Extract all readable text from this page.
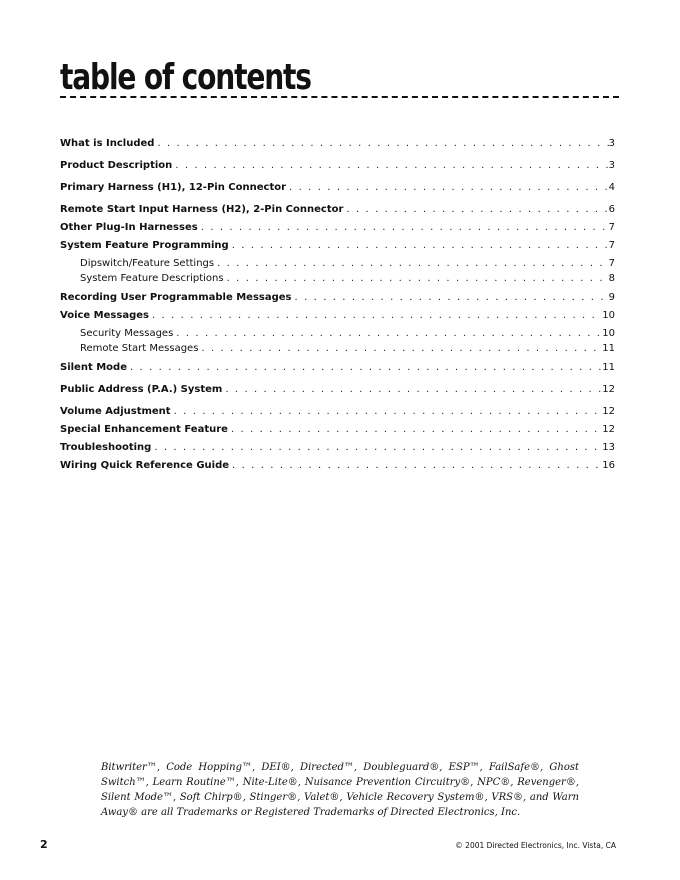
table of contents
What is Included . . .	3
Product Description . . .	3
Primary Harness (H1), 12-Pin Connector . . .	4
Remote Start Input Harness (H2), 2-Pin Connector . . .	6
Other Plug-In Harnesses . . .	7
System Feature Programming . . .	7
Dipswitch/Feature Settings . . .	7
System Feature Descriptions . . .	8
Recording User Programmable Messages . . .	9
Voice Messages . . .	10
Security Messages . . .	10
Remote Start Messages . . .	11
Silent Mode . . .	11
Public Address (P.A.) System . . .	12
Volume Adjustment . . .	12
Special Enhancement Feature . . .	12
Troubleshooting . . .	13
Wiring Quick Reference Guide . . .	16

Bitwriter™, Code Hopping™, DEI®, Directed™, Doubleguard®, ESP™, FailSafe®, Ghost Switch™, Learn Routine™, Nite-Lite®, Nuisance Prevention Circuitry®, NPC®, Revenger®, Silent Mode™, Soft Chirp®, Stinger®, Valet®, Vehicle Recovery System®, VRS®, and Warn Away® are all Trademarks or Registered Trademarks of Directed Electronics, Inc.

2	© 2001 Directed Electronics, Inc. Vista, CA
